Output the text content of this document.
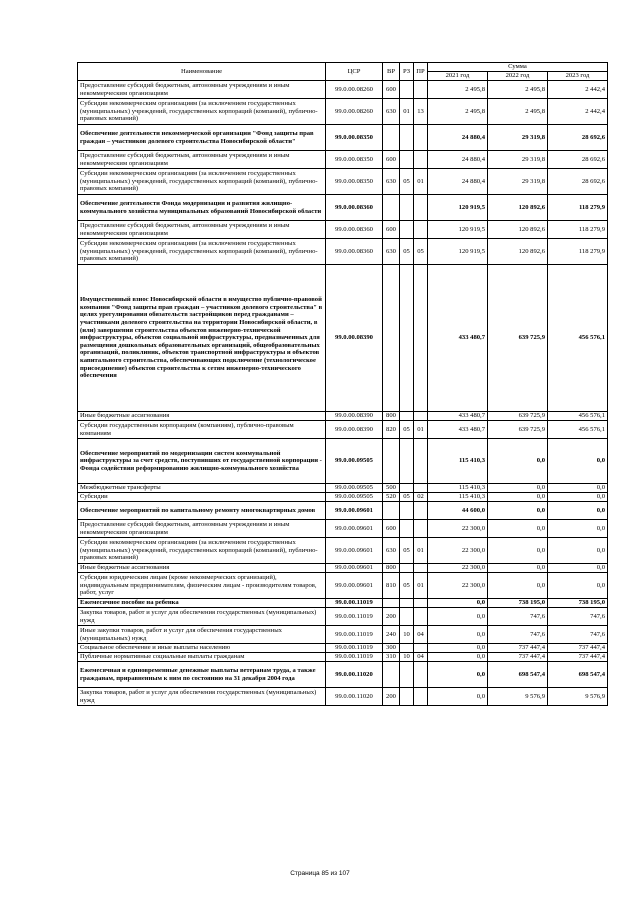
Наименование	ЦСР	ВР	РЗ	ПР	Сумма		
					2021 год	2022 год	2023 год
Предоставление субсидий бюджетным, автономным учреждениям и иным некоммерческим организациям	99.0.00.08260	600			2 495,8	2 495,8	2 442,4
Субсидии некоммерческим организациям (за исключением государственных (муниципальных) учреждений, государственных корпораций (компаний), публично-правовых компаний)	99.0.00.08260	630	01	13	2 495,8	2 495,8	2 442,4
Обеспечение деятельности некоммерческой организации "Фонд защиты прав граждан – участников долевого строительства Новосибирской области"	99.0.00.08350				24 880,4	29 319,8	28 692,6
Предоставление субсидий бюджетным, автономным учреждениям и иным некоммерческим организациям	99.0.00.08350	600			24 880,4	29 319,8	28 692,6
Субсидии некоммерческим организациям (за исключением государственных (муниципальных) учреждений, государственных корпораций (компаний), публично-правовых компаний)	99.0.00.08350	630	05	01	24 880,4	29 319,8	28 692,6
Обеспечение деятельности Фонда модернизации и развития жилищно-коммунального хозяйства муниципальных образований Новосибирской области	99.0.00.08360				120 919,5	120 892,6	118 279,9
Предоставление субсидий бюджетным, автономным учреждениям и иным некоммерческим организациям	99.0.00.08360	600			120 919,5	120 892,6	118 279,9
Субсидии некоммерческим организациям (за исключением государственных (муниципальных) учреждений, государственных корпораций (компаний), публично-правовых компаний)	99.0.00.08360	630	05	05	120 919,5	120 892,6	118 279,9
Имущественный взнос Новосибирской области в имущество публично-правовой компании "Фонд защиты прав граждан – участников долевого строительства" в целях урегулирования обязательств застройщиков перед гражданами – участниками долевого строительства на территории Новосибирской области, в (или) завершения строительства объектов инженерно-технической инфраструктуры, объектов социальной инфраструктуры, предназначенных для размещения дошкольных образовательных организаций, общеобразовательных организаций, поликлиник, объектов транспортной инфраструктуры и объектов капитального строительства, обеспечивающих подключение (технологическое присоединение) объектов строительства к сетям инженерно-технического обеспечения	99.0.00.08390				433 480,7	639 725,9	456 576,1
Иные бюджетные ассигнования	99.0.00.08390	800			433 480,7	639 725,9	456 576,1
Субсидии государственным корпорациям (компаниям), публично-правовым компаниям	99.0.00.08390	820	05	01	433 480,7	639 725,9	456 576,1
Обеспечение мероприятий по модернизации систем коммунальной инфраструктуры за счет средств, поступивших от государственной корпорации - Фонда содействия реформированию жилищно-коммунального хозяйства	99.0.00.09505				115 410,3	0,0	0,0
Межбюджетные трансферты	99.0.00.09505	500			115 410,3	0,0	0,0
Субсидии	99.0.00.09505	520	05	02	115 410,3	0,0	0,0
Обеспечение мероприятий по капитальному ремонту многоквартирных домов	99.0.00.09601				44 600,0	0,0	0,0
Предоставление субсидий бюджетным, автономным учреждениям и иным некоммерческим организациям	99.0.00.09601	600			22 300,0	0,0	0,0
Субсидии некоммерческим организациям (за исключением государственных (муниципальных) учреждений, государственных корпораций (компаний), публично-правовых компаний)	99.0.00.09601	630	05	01	22 300,0	0,0	0,0
Иные бюджетные ассигнования	99.0.00.09601	800			22 300,0	0,0	0,0
Субсидии юридическим лицам (кроме некоммерческих организаций), индивидуальным предпринимателям, физическим лицам - производителям товаров, работ, услуг	99.0.00.09601	810	05	01	22 300,0	0,0	0,0
Ежемесячное пособие на ребенка	99.0.00.11019				0,0	738 195,0	738 195,0
Закупка товаров, работ и услуг для обеспечения государственных (муниципальных) нужд	99.0.00.11019	200			0,0	747,6	747,6
Иные закупки товаров, работ и услуг для обеспечения государственных (муниципальных) нужд	99.0.00.11019	240	10	04	0,0	747,6	747,6
Социальное обеспечение и иные выплаты населению	99.0.00.11019	300			0,0	737 447,4	737 447,4
Публичные нормативные социальные выплаты гражданам	99.0.00.11019	310	10	04	0,0	737 447,4	737 447,4
Ежемесячная и единовременные денежные выплаты ветеранам труда, а также гражданам, приравненным к ним по состоянию на 31 декабря 2004 года	99.0.00.11020				0,0	698 547,4	698 547,4
Закупка товаров, работ и услуг для обеспечения государственных (муниципальных) нужд	99.0.00.11020	200			0,0	9 576,9	9 576,9
Страница 85 из 107
